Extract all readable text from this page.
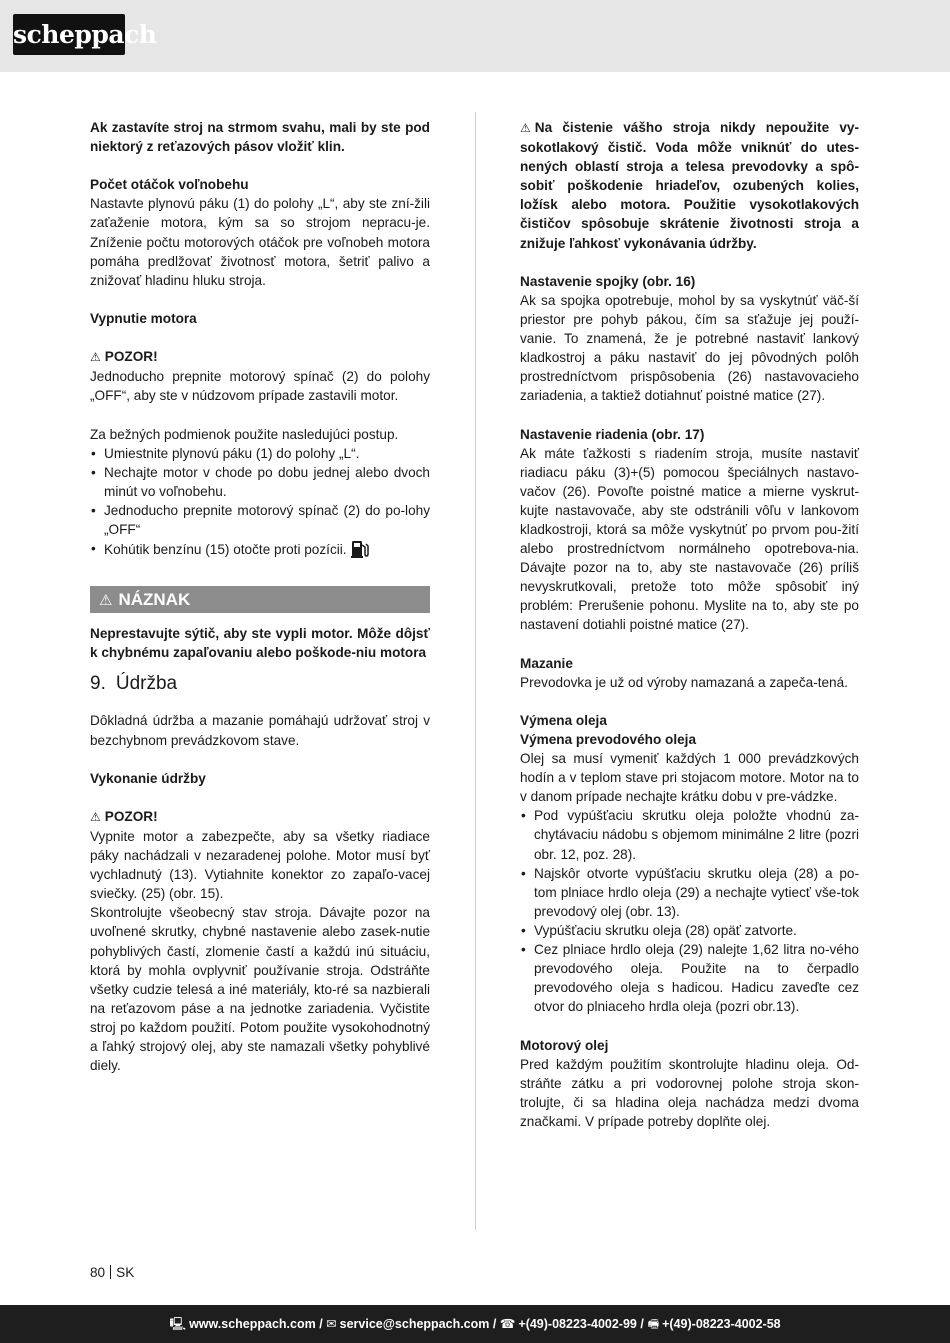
scheppach

Ak zastavíte stroj na strmom svahu, mali by ste pod niektorý z reťazových pásov vložiť klin.

Počet otáčok voľnobehu

Nastavte plynovú páku (1) do polohy „L“, aby ste zní-žili zaťaženie motora, kým sa so strojom nepracu-je. Zníženie počtu motorových otáčok pre voľnobeh motora pomáha predlžovať životnosť motora, šetriť palivo a znižovať hladinu hluku stroja.

Vypnutie motora

⚠ POZOR!

Jednoducho prepnite motorový spínač (2) do polohy „OFF“, aby ste v núdzovom prípade zastavili motor.

Za bežných podmienok použite nasledujúci postup.

• Umiestnite plynovú páku (1) do polohy „L“.
• Nechajte motor v chode po dobu jednej alebo dvoch minút vo voľnobehu.
• Jednoducho prepnite motorový spínač (2) do po-lohy „OFF“
• Kohútik benzínu (15) otočte proti pozícii.
⚠ NÁZNAK

Neprestavujte sýtič, aby ste vypli motor. Môže dôjsť k chybnému zapaľovaniu alebo poškode-niu motora

9. Údržba

Dôkladná údržba a mazanie pomáhajú udržovať stroj v bezchybnom prevádzkovom stave.

Vykonanie údržby

⚠ POZOR!

Vypnite motor a zabezpečte, aby sa všetky riadiace páky nachádzali v nezaradenej polohe. Motor musí byť vychladnutý (13). Vytiahnite konektor zo zapaľo-vacej sviečky. (25) (obr. 15).

Skontrolujte všeobecný stav stroja. Dávajte pozor na uvoľnené skrutky, chybné nastavenie alebo zasek-nutie pohyblivých častí, zlomenie častí a každú inú situáciu, ktorá by mohla ovplyvniť používanie stroja. Odstráňte všetky cudzie telesá a iné materiály, kto-ré sa nazbierali na reťazovom páse a na jednotke zariadenia. Vyčistite stroj po každom použití. Potom použite vysokohodnotný a ľahký strojový olej, aby ste namazali všetky pohyblivé diely.

⚠ Na čistenie vášho stroja nikdy nepoužite vy-sokotlakový čistič. Voda môže vniknúť do utes-nených oblastí stroja a telesa prevodovky a spô-sobiť poškodenie hriadeľov, ozubených kolies, ložísk alebo motora. Použitie vysokotlakových čističov spôsobuje skrátenie životnosti stroja a znižuje ľahkosť vykonávania údržby.

Nastavenie spojky (obr. 16)

Ak sa spojka opotrebuje, mohol by sa vyskytnúť väč-ší priestor pre pohyb pákou, čím sa sťažuje jej použí-vanie. To znamená, že je potrebné nastaviť lankový kladkostroj a páku nastaviť do jej pôvodných polôh prostredníctvom prispôsobenia (26) nastavovacieho zariadenia, a taktiež dotiahnuť poistné matice (27).

Nastavenie riadenia (obr. 17)

Ak máte ťažkosti s riadením stroja, musíte nastaviť riadiacu páku (3)+(5) pomocou špeciálnych nastavo-vačov (26). Povoľte poistné matice a mierne vyskrut-kujte nastavovače, aby ste odstránili vôľu v lankovom kladkostroji, ktorá sa môže vyskytnúť po prvom pou-žití alebo prostredníctvom normálneho opotrebova-nia. Dávajte pozor na to, aby ste nastavovače (26) príliš nevyskrutkovali, pretože toto môže spôsobiť iný problém: Prerušenie pohonu. Myslite na to, aby ste po nastavení dotiahli poistné matice (27).

Mazanie

Prevodovka je už od výroby namazaná a zapeča-tená.

Výmena oleja

Výmena prevodového oleja

Olej sa musí vymeniť každých 1 000 prevádzkových hodín a v teplom stave pri stojacom motore. Motor na to v danom prípade nechajte krátku dobu v pre-vádzke.

• Pod vypúšťaciu skrutku oleja položte vhodnú za-chytávaciu nádobu s objemom minimálne 2 litre (pozri obr. 12, poz. 28).
• Najskôr otvorte vypúšťaciu skrutku oleja (28) a po-tom plniace hrdlo oleja (29) a nechajte vytiecť vše-tok prevodový olej (obr. 13).
• Vypúšťaciu skrutku oleja (28) opäť zatvorte.
• Cez plniace hrdlo oleja (29) nalejte 1,62 litra no-vého prevodového oleja. Použite na to čerpadlo prevodového oleja s hadicou. Hadicu zaveďte cez otvor do plniaceho hrdla oleja (pozri obr.13).

Motorový olej

Pred každým použitím skontrolujte hladinu oleja. Od-stráňte zátku a pri vodorovnej polohe stroja skon-trolujte, či sa hladina oleja nachádza medzi dvoma značkami. V prípade potreby doplňte olej.

80 SK
🖳 www.scheppach.com / ✉ service@scheppach.com / ☎ +(49)-08223-4002-99 / 🖷 +(49)-08223-4002-58
